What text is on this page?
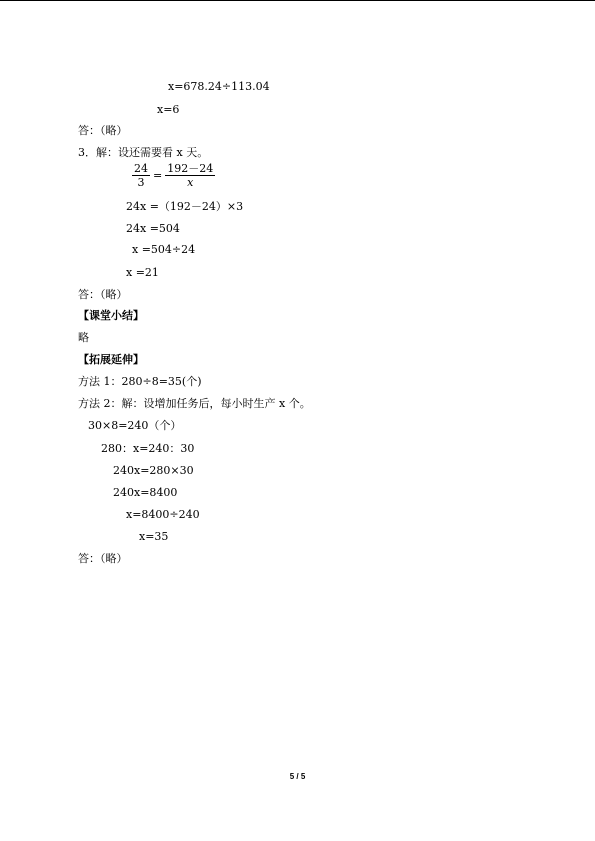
x=678.24÷113.04
x=6
答：（略）
3．解：设还需要看 x 天。
$\frac{24}{3} = \frac{192-24}{x}$
24x =（192－24）×3
24x =504
x =504÷24
x =21
答：（略）
【课堂小结】
略
【拓展延伸】
方法 1：280÷8=35(个)
方法 2：解：设增加任务后，每小时生产 x 个。
30×8=240（个）
280：x=240：30
240x=280×30
240x=8400
x=8400÷240
x=35
答：（略）
5 / 5
